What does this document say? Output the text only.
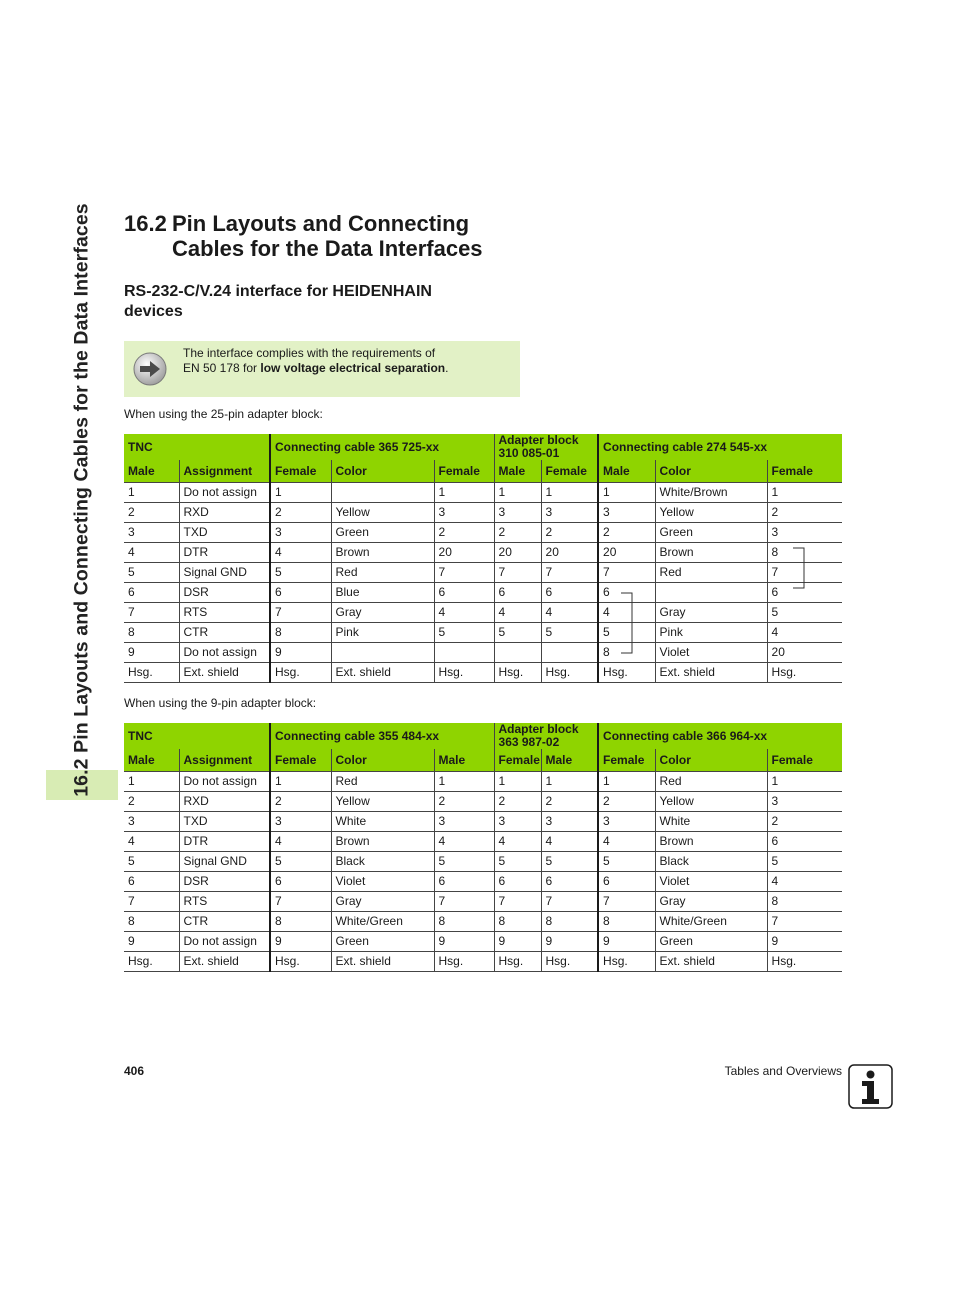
16.2 Pin Layouts and Connecting Cables for the Data Interfaces 16.2 Pin Layouts and Connecting
Cables for the Data Interfaces
RS-232-C/V.24 interface for HEIDENHAIN devices
The interface complies with the requirements of
EN 50 178 for low voltage electrical separation.
When using the 25-pin adapter block:
TNC		Connecting cable 365 725-xx			Adapter block 310 085-01		Connecting cable 274 545-xx		
Male	Assignment	Female	Color	Female	Male	Female	Male	Color	Female
1	Do not assign	1		1	1	1	1	White/Brown	1
2	RXD	2	Yellow	3	3	3	3	Yellow	2
3	TXD	3	Green	2	2	2	2	Green	3
4	DTR	4	Brown	20	20	20	20	Brown	8
5	Signal GND	5	Red	7	7	7	7	Red	7
6	DSR	6	Blue	6	6	6	6		6
7	RTS	7	Gray	4	4	4	4	Gray	5
8	CTR	8	Pink	5	5	5	5	Pink	4
9	Do not assign	9					8	Violet	20
Hsg.	Ext. shield	Hsg.	Ext. shield	Hsg.	Hsg.	Hsg.	Hsg.	Ext. shield	Hsg.
When using the 9-pin adapter block:
TNC		Connecting cable 355 484-xx			Adapter block 363 987-02		Connecting cable 366 964-xx		
Male	Assignment	Female	Color	Male	Female	Male	Female	Color	Female
1	Do not assign	1	Red	1	1	1	1	Red	1
2	RXD	2	Yellow	2	2	2	2	Yellow	3
3	TXD	3	White	3	3	3	3	White	2
4	DTR	4	Brown	4	4	4	4	Brown	6
5	Signal GND	5	Black	5	5	5	5	Black	5
6	DSR	6	Violet	6	6	6	6	Violet	4
7	RTS	7	Gray	7	7	7	7	Gray	8
8	CTR	8	White/Green	8	8	8	8	White/Green	7
9	Do not assign	9	Green	9	9	9	9	Green	9
Hsg.	Ext. shield	Hsg.	Ext. shield	Hsg.	Hsg.	Hsg.	Hsg.	Ext. shield	Hsg.
406	Tables and Overviews
